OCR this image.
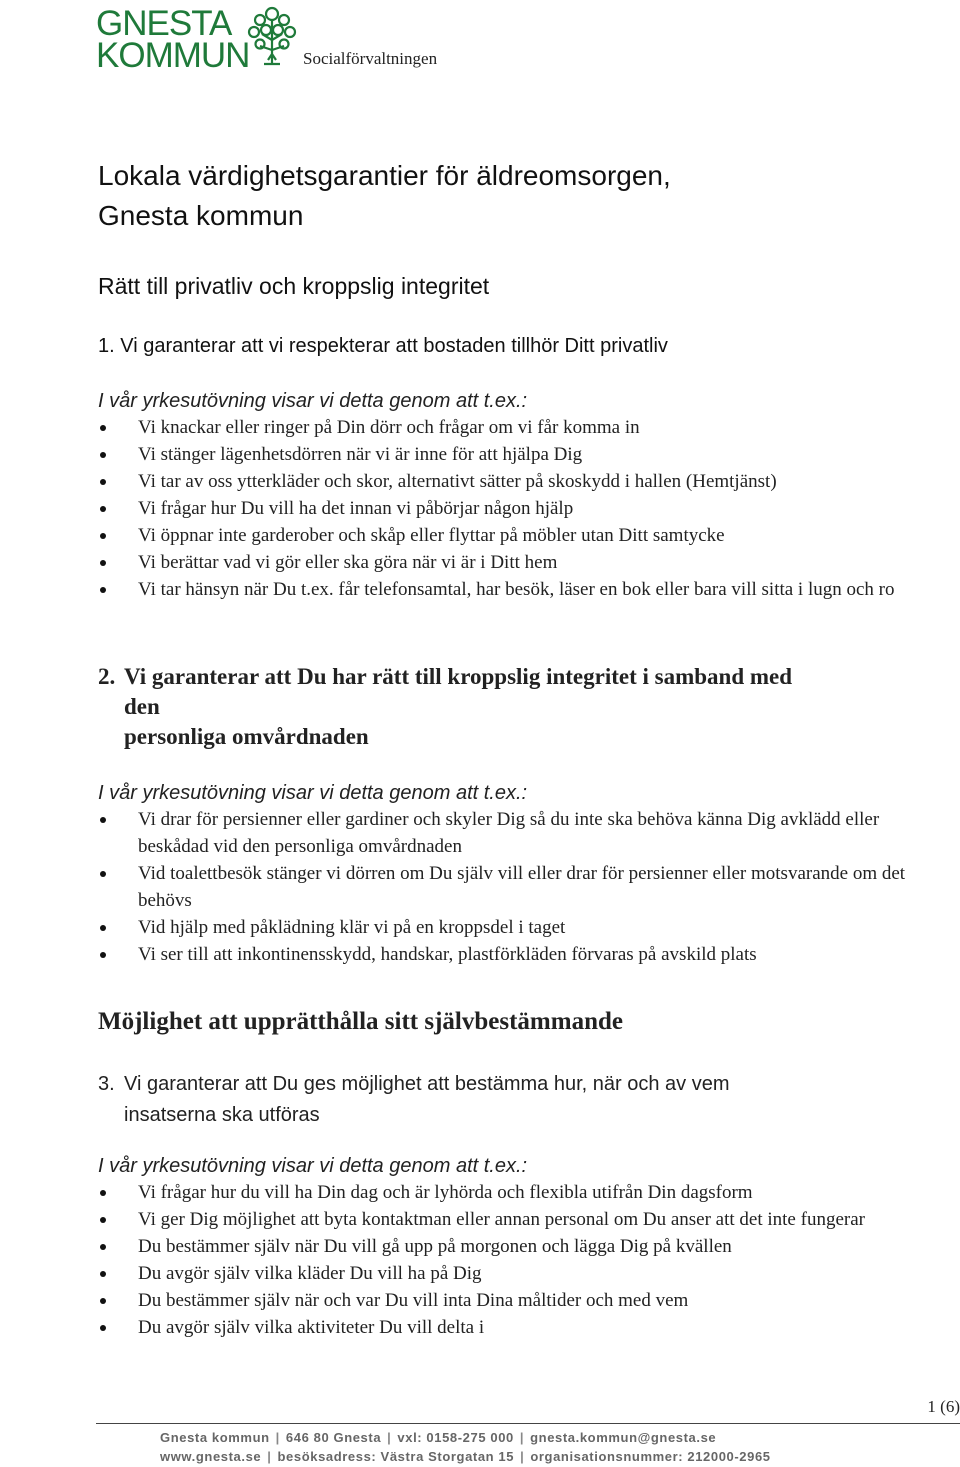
GNESTA
KOMMUN	Socialförvaltningen
Lokala värdighetsgarantier för äldreomsorgen,
Gnesta kommun
Rätt till privatliv och kroppslig integritet
1. Vi garanterar att vi respekterar att bostaden tillhör Ditt privatliv
I vår yrkesutövning visar vi detta genom att t.ex.:
Vi knackar eller ringer på Din dörr och frågar om vi får komma in
Vi stänger lägenhetsdörren när vi är inne för att hjälpa Dig
Vi tar av oss ytterkläder och skor, alternativt sätter på skoskydd i hallen (Hemtjänst)
Vi frågar hur Du vill ha det innan vi påbörjar någon hjälp
Vi öppnar inte garderober och skåp eller flyttar på möbler utan Ditt samtycke
Vi berättar vad vi gör eller ska göra när vi är i Ditt hem
Vi tar hänsyn när Du t.ex. får telefonsamtal, har besök, läser en bok eller bara vill sitta i lugn och ro
2. Vi garanterar att Du har rätt till kroppslig integritet i samband med
den
personliga omvårdnaden
I vår yrkesutövning visar vi detta genom att t.ex.:
Vi drar för persienner eller gardiner och skyler Dig så du inte ska behöva känna Dig avklädd eller beskådad vid den personliga omvårdnaden
Vid toalettbesök stänger vi dörren om Du själv vill eller drar för persienner eller motsvarande om det behövs
Vid hjälp med påklädning klär vi på en kroppsdel i taget
Vi ser till att inkontinensskydd, handskar, plastförkläden förvaras på avskild plats
Möjlighet att upprätthålla sitt självbestämmande
3. Vi garanterar att Du ges möjlighet att bestämma hur, när och av vem
insatserna ska utföras
I vår yrkesutövning visar vi detta genom att t.ex.:
Vi frågar hur du vill ha Din dag och är lyhörda och flexibla utifrån Din dagsform
Vi ger Dig möjlighet att byta kontaktman eller annan personal om Du anser att det inte fungerar
Du bestämmer själv när Du vill gå upp på morgonen och lägga Dig på kvällen
Du avgör själv vilka kläder Du vill ha på Dig
Du bestämmer själv när och var Du vill inta Dina måltider och med vem
Du avgör själv vilka aktiviteter Du vill delta i
1 (6)
Gnesta kommun | 646 80 Gnesta | vxl: 0158-275 000 | gnesta.kommun@gnesta.se
www.gnesta.se | besöksadress: Västra Storgatan 15 | organisationsnummer: 212000-2965
